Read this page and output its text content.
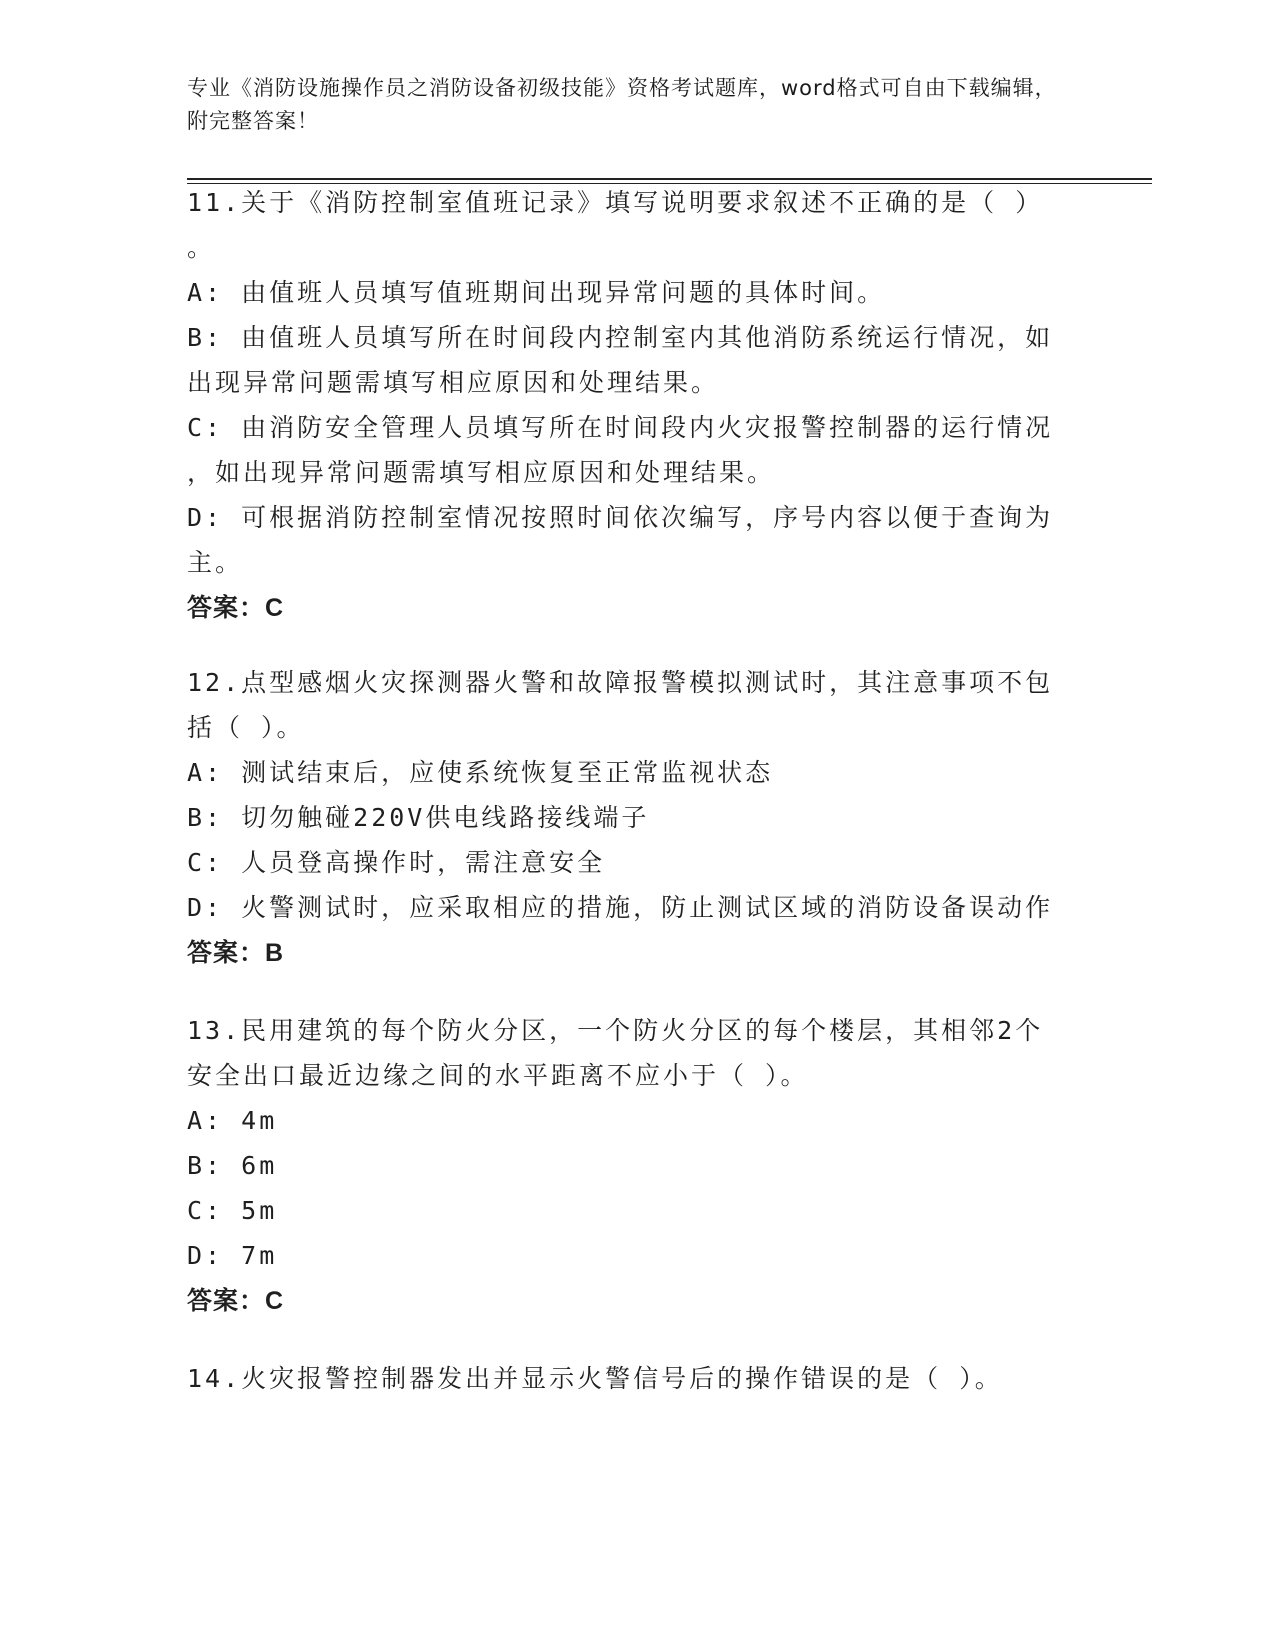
专业《消防设施操作员之消防设备初级技能》资格考试题库，word格式可自由下载编辑，附完整答案！

11.关于《消防控制室值班记录》填写说明要求叙述不正确的是（ ）

。

A: 由值班人员填写值班期间出现异常问题的具体时间。

B: 由值班人员填写所在时间段内控制室内其他消防系统运行情况，如

出现异常问题需填写相应原因和处理结果。

C: 由消防安全管理人员填写所在时间段内火灾报警控制器的运行情况

，如出现异常问题需填写相应原因和处理结果。

D: 可根据消防控制室情况按照时间依次编写，序号内容以便于查询为

主。

答案：C

12.点型感烟火灾探测器火警和故障报警模拟测试时，其注意事项不包

括（ ）。

A: 测试结束后，应使系统恢复至正常监视状态

B: 切勿触碰220V供电线路接线端子

C: 人员登高操作时，需注意安全

D: 火警测试时，应采取相应的措施，防止测试区域的消防设备误动作

答案：B

13.民用建筑的每个防火分区，一个防火分区的每个楼层，其相邻2个

安全出口最近边缘之间的水平距离不应小于（ ）。

A: 4m

B: 6m

C: 5m

D: 7m

答案：C

14.火灾报警控制器发出并显示火警信号后的操作错误的是（ ）。
